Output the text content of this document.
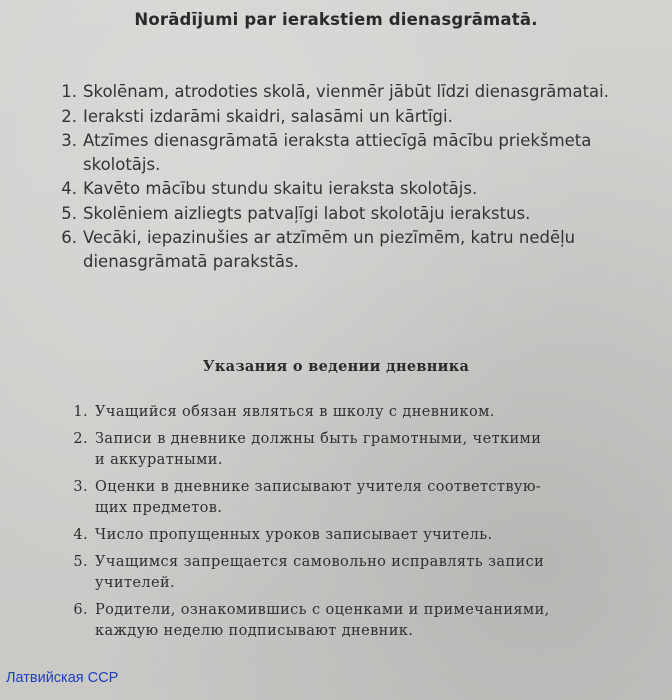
Norādījumi par ierakstiem dienasgrāmatā.
1. Skolēnam, atrodoties skolā, vienmēr jābūt līdzi dienasgrāmatai.
2. Ieraksti izdarāmi skaidri, salasāmi un kārtīgi.
3. Atzīmes dienasgrāmatā ieraksta attiecīgā mācību priekšmeta
skolotājs.
4. Kavēto mācību stundu skaitu ieraksta skolotājs.
5. Skolēniem aizliegts patvaļīgi labot skolotāju ierakstus.
6. Vecāki, iepazinušies ar atzīmēm un piezīmēm, katru nedēļu
dienasgrāmatā parakstās.
Указания о ведении дневника
1. Учащийся обязан являться в школу с дневником.
2. Записи в дневнике должны быть грамотными, четкими
и аккуратными.
3. Оценки в дневнике записывают учителя соответствую-
щих предметов.
4. Число пропущенных уроков записывает учитель.
5. Учащимся запрещается самовольно исправлять записи
учителей.
6. Родители, ознакомившись с оценками и примечаниями,
каждую неделю подписывают дневник.
Латвийская ССР
